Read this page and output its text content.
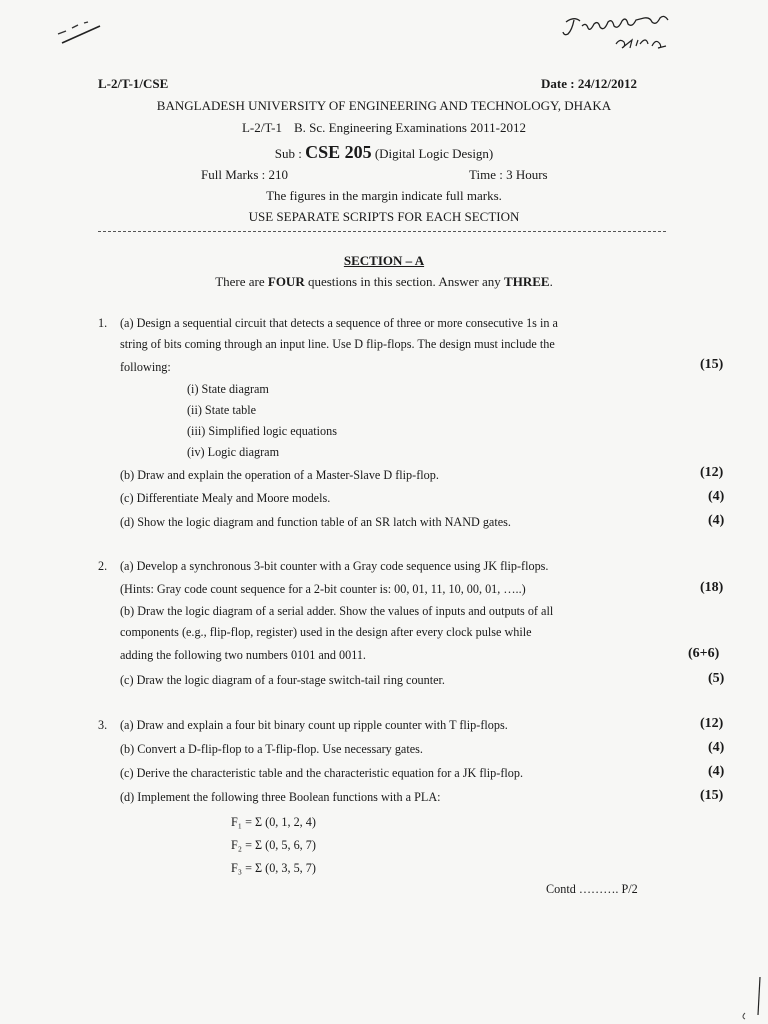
L-2/T-1/CSE	Date : 24/12/2012
BANGLADESH UNIVERSITY OF ENGINEERING AND TECHNOLOGY, DHAKA
L-2/T-1 B. Sc. Engineering Examinations 2011-2012
Sub : CSE 205 (Digital Logic Design)
Full Marks : 210	Time : 3 Hours
The figures in the margin indicate full marks.
USE SEPARATE SCRIPTS FOR EACH SECTION
SECTION – A
There are FOUR questions in this section. Answer any THREE.
1. (a) Design a sequential circuit that detects a sequence of three or more consecutive 1s in a
string of bits coming through an input line. Use D flip-flops. The design must include the
following:	(15)
(i) State diagram
(ii) State table
(iii) Simplified logic equations
(iv) Logic diagram
(b) Draw and explain the operation of a Master-Slave D flip-flop.	(12)
(c) Differentiate Mealy and Moore models.	(4)
(d) Show the logic diagram and function table of an SR latch with NAND gates.	(4)
2. (a) Develop a synchronous 3-bit counter with a Gray code sequence using JK flip-flops.
(Hints: Gray code count sequence for a 2-bit counter is: 00, 01, 11, 10, 00, 01, …..)	(18)
(b) Draw the logic diagram of a serial adder. Show the values of inputs and outputs of all
components (e.g., flip-flop, register) used in the design after every clock pulse while
adding the following two numbers 0101 and 0011.	(6+6)
(c) Draw the logic diagram of a four-stage switch-tail ring counter.	(5)
3. (a) Draw and explain a four bit binary count up ripple counter with T flip-flops.	(12)
(b) Convert a D-flip-flop to a T-flip-flop. Use necessary gates.	(4)
(c) Derive the characteristic table and the characteristic equation for a JK flip-flop.	(4)
(d) Implement the following three Boolean functions with a PLA:	(15)
F₁ = Σ (0, 1, 2, 4)
F₂ = Σ (0, 5, 6, 7)
F₃ = Σ (0, 3, 5, 7)
Contd ………. P/2
